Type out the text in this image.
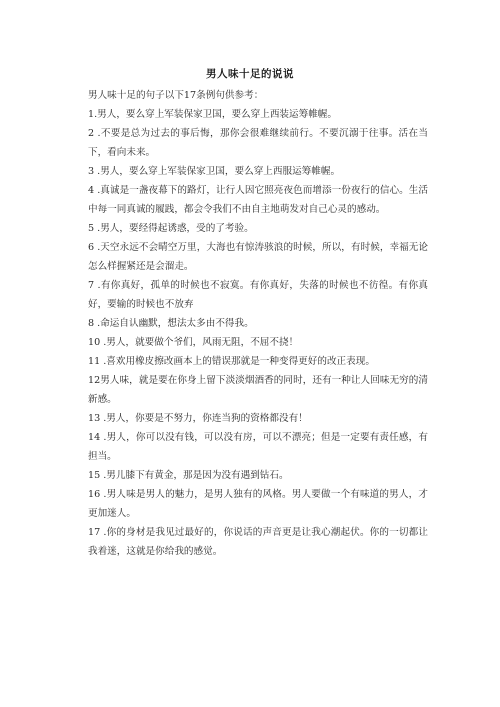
男人味十足的说说

男人味十足的句子以下17条例句供参考：

1.男人，要么穿上军装保家卫国，要么穿上西装运筹帷幄。

2 .不要是总为过去的事后悔，那你会很难继续前行。不要沉溺于往事。活在当下，看向未来。

3 .男人，要么穿上军装保家卫国，要么穿上西服运筹帷幄。

4 .真诚是一盏夜幕下的路灯，让行人因它照亮夜色而增添一份夜行的信心。生活中每一同真诚的履践，都会令我们不由自主地萌发对自己心灵的感动。

5 .男人，要经得起诱惑，受的了考验。

6 .天空永远不会晴空万里，大海也有惊涛骇浪的时候，所以，有时候，幸福无论怎么样握紧还是会溜走。

7 .有你真好，孤单的时候也不寂寞。有你真好，失落的时候也不彷徨。有你真好，要输的时候也不放弃

8 .命运自认幽默，想法太多由不得我。

10 .男人，就要做个爷们，风雨无阻，不屈不挠！

11 .喜欢用橡皮擦改画本上的错误那就是一种变得更好的改正表现。

12男人味，就是要在你身上留下淡淡烟酒香的同时，还有一种让人回味无穷的清新感。

13 .男人，你要是不努力，你连当狗的资格都没有！

14 .男人，你可以没有钱，可以没有房，可以不漂亮；但是一定要有责任感，有担当。

15 .男儿膝下有黄金，那是因为没有遇到钻石。

16 .男人味是男人的魅力，是男人独有的风格。男人要做一个有味道的男人，才更加迷人。

17 .你的身材是我见过最好的，你说话的声音更是让我心潮起伏。你的一切都让我着迷，这就是你给我的感觉。
